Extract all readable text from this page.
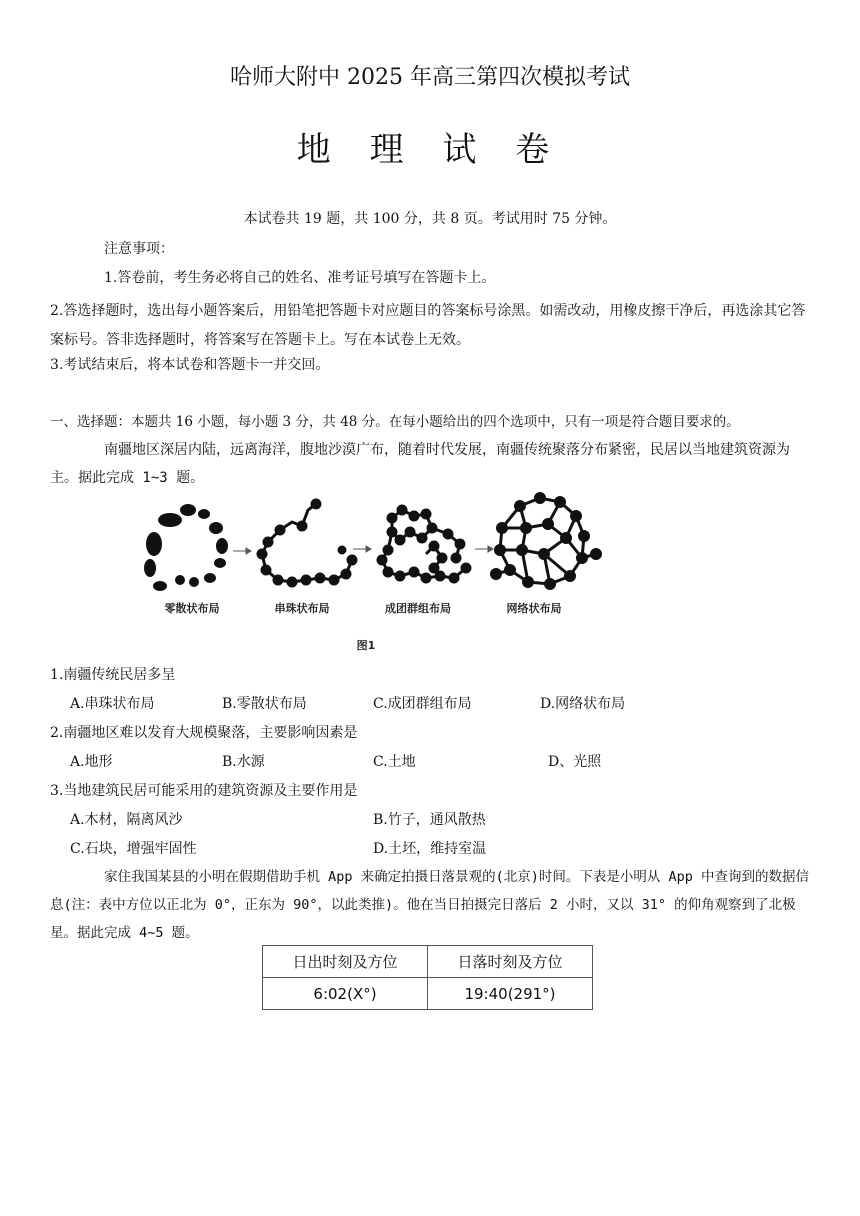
哈师大附中 2025 年高三第四次模拟考试
地 理 试 卷
本试卷共 19 题，共 100 分，共 8 页。考试用时 75 分钟。
注意事项：
1.答卷前，考生务必将自己的姓名、准考证号填写在答题卡上。
2.答选择题时，选出每小题答案后，用铅笔把答题卡对应题目的答案标号涂黑。如需改动，用橡皮擦干净后，再选涂其它答案标号。答非选择题时，将答案写在答题卡上。写在本试卷上无效。
3.考试结束后，将本试卷和答题卡一并交回。
一、选择题：本题共 16 小题，每小题 3 分，共 48 分。在每小题给出的四个选项中，只有一项是符合题目要求的。
南疆地区深居内陆，远离海洋，腹地沙漠广布，随着时代发展，南疆传统聚落分布紧密，民居以当地建筑资源为主。据此完成 1~3 题。
零散状布局	串珠状布局	成团群组布局	网络状布局
图1
1.南疆传统民居多呈
A.串珠状布局	B.零散状布局	C.成团群组布局	D.网络状布局
2.南疆地区难以发育大规模聚落，主要影响因素是
A.地形	B.水源	C.土地	D、光照
3.当地建筑民居可能采用的建筑资源及主要作用是
A.木材，隔离风沙	B.竹子，通风散热
C.石块，增强牢固性	D.土坯，维持室温
家住我国某县的小明在假期借助手机 App 来确定拍摄日落景观的(北京)时间。下表是小明从 App 中查询到的数据信息(注：表中方位以正北为 0°，正东为 90°，以此类推)。他在当日拍摄完日落后 2 小时，又以 31° 的仰角观察到了北极星。据此完成 4~5 题。
日出时刻及方位	日落时刻及方位
6:02(X°)	19:40(291°)
